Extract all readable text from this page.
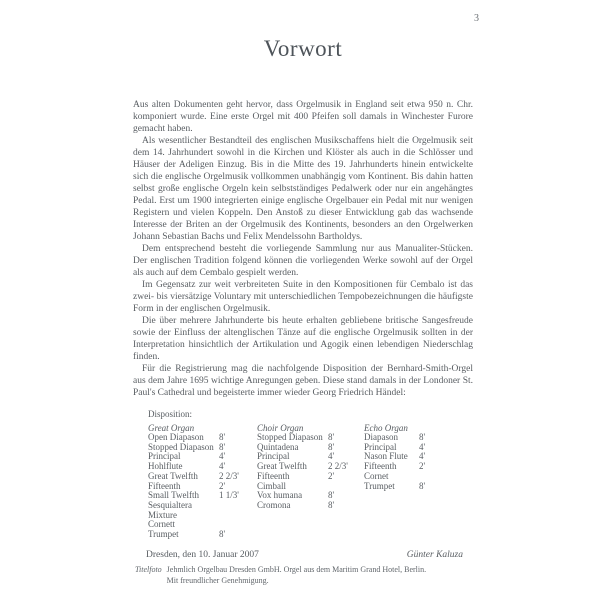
3
Vorwort

Aus alten Dokumenten geht hervor, dass Orgelmusik in England seit etwa 950 n. Chr. komponiert wurde. Eine erste Orgel mit 400 Pfeifen soll damals in Winchester Furore gemacht haben.

Als wesentlicher Bestandteil des englischen Musikschaffens hielt die Orgelmusik seit dem 14. Jahrhundert sowohl in die Kirchen und Klöster als auch in die Schlösser und Häuser der Adeligen Einzug. Bis in die Mitte des 19. Jahrhunderts hinein entwickelte sich die englische Orgelmusik vollkommen unabhängig vom Kontinent. Bis dahin hatten selbst große englische Orgeln kein selbstständiges Pedalwerk oder nur ein angehängtes Pedal. Erst um 1900 integrierten einige englische Orgelbauer ein Pedal mit nur wenigen Registern und vielen Koppeln. Den Anstoß zu dieser Entwicklung gab das wachsende Interesse der Briten an der Orgelmusik des Kontinents, besonders an den Orgelwerken Johann Sebastian Bachs und Felix Mendelssohn Bartholdys.

Dem entsprechend besteht die vorliegende Sammlung nur aus Manualiter-Stücken. Der englischen Tradition folgend können die vorliegenden Werke sowohl auf der Orgel als auch auf dem Cembalo gespielt werden.

Im Gegensatz zur weit verbreiteten Suite in den Kompositionen für Cembalo ist das zwei- bis viersätzige Voluntary mit unterschiedlichen Tempobezeichnungen die häufigste Form in der englischen Orgelmusik.

Die über mehrere Jahrhunderte bis heute erhalten gebliebene britische Sangesfreude sowie der Einfluss der altenglischen Tänze auf die englische Orgelmusik sollten in der Interpretation hinsichtlich der Artikulation und Agogik einen lebendigen Niederschlag finden.

Für die Registrierung mag die nachfolgende Disposition der Bernhard-Smith-Orgel aus dem Jahre 1695 wichtige Anregungen geben. Diese stand damals in der Londoner St. Paul's Cathedral und begeisterte immer wieder Georg Friedrich Händel:

Disposition:

Great Organ
Open Diapason	8'
Stopped Diapason 8'
Principal	4'
Hohlflute	4'
Great Twelfth	2 2/3'
Fifteenth	2'
Small Twelfth	1 1/3'
Sesquialtera
Mixture
Cornett
Trumpet	8'
Choir Organ
Stopped Diapason 8'
Quintadena	8'
Principal	4'
Great Twelfth	2 2/3'
Fifteenth	2'
Cimball
Vox humana	8'
Cromona	8'
Echo Organ
Diapason	8'
Principal	4'
Nason Flute	4'
Fifteenth	2'
Cornet
Trumpet	8'
Dresden, den 10. Januar 2007	Günter Kaluza
Titelfoto Jehmlich Orgelbau Dresden GmbH. Orgel aus dem Maritim Grand Hotel, Berlin.

Mit freundlicher Genehmigung.
